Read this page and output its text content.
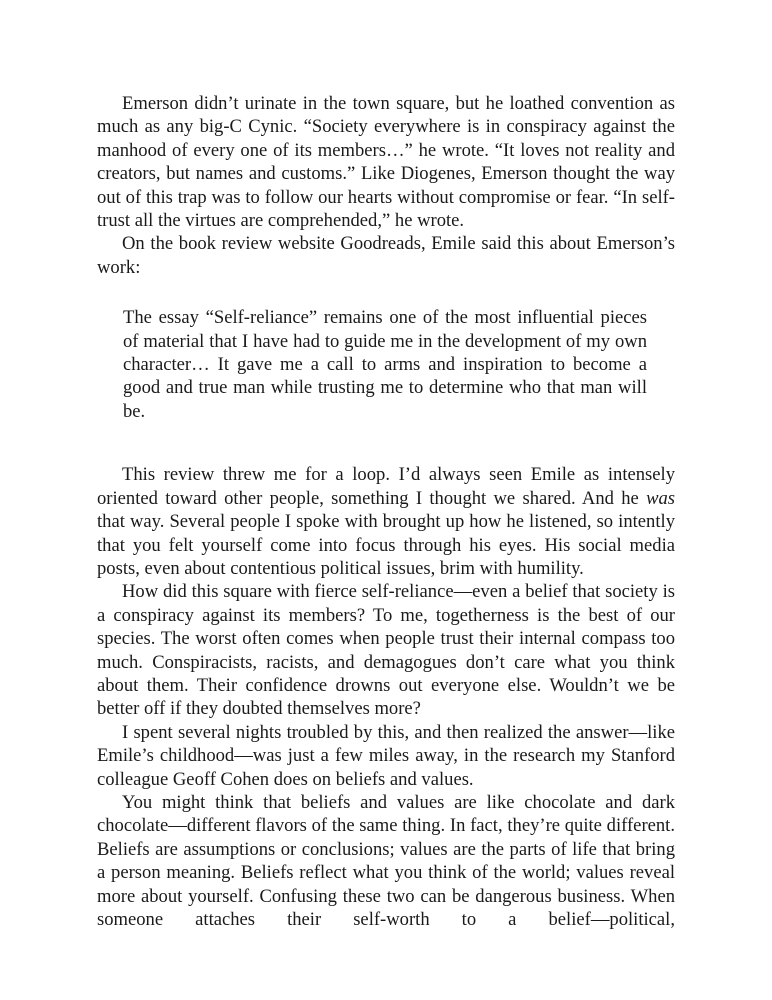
Emerson didn’t urinate in the town square, but he loathed convention as much as any big-C Cynic. “Society everywhere is in conspiracy against the manhood of every one of its members…” he wrote. “It loves not reality and creators, but names and customs.” Like Diogenes, Emerson thought the way out of this trap was to follow our hearts without compromise or fear. “In self-trust all the virtues are comprehended,” he wrote.

On the book review website Goodreads, Emile said this about Emerson’s work:

The essay “Self-reliance” remains one of the most influential pieces of material that I have had to guide me in the development of my own character… It gave me a call to arms and inspiration to become a good and true man while trusting me to determine who that man will be.

This review threw me for a loop. I’d always seen Emile as intensely oriented toward other people, something I thought we shared. And he was that way. Several people I spoke with brought up how he listened, so intently that you felt yourself come into focus through his eyes. His social media posts, even about contentious political issues, brim with humility.

How did this square with fierce self-reliance—even a belief that society is a conspiracy against its members? To me, togetherness is the best of our species. The worst often comes when people trust their internal compass too much. Conspiracists, racists, and demagogues don’t care what you think about them. Their confidence drowns out everyone else. Wouldn’t we be better off if they doubted themselves more?

I spent several nights troubled by this, and then realized the answer—like Emile’s childhood—was just a few miles away, in the research my Stanford colleague Geoff Cohen does on beliefs and values.

You might think that beliefs and values are like chocolate and dark chocolate—different flavors of the same thing. In fact, they’re quite different. Beliefs are assumptions or conclusions; values are the parts of life that bring a person meaning. Beliefs reflect what you think of the world; values reveal more about yourself. Confusing these two can be dangerous business. When someone attaches their self-worth to a belief—political,
